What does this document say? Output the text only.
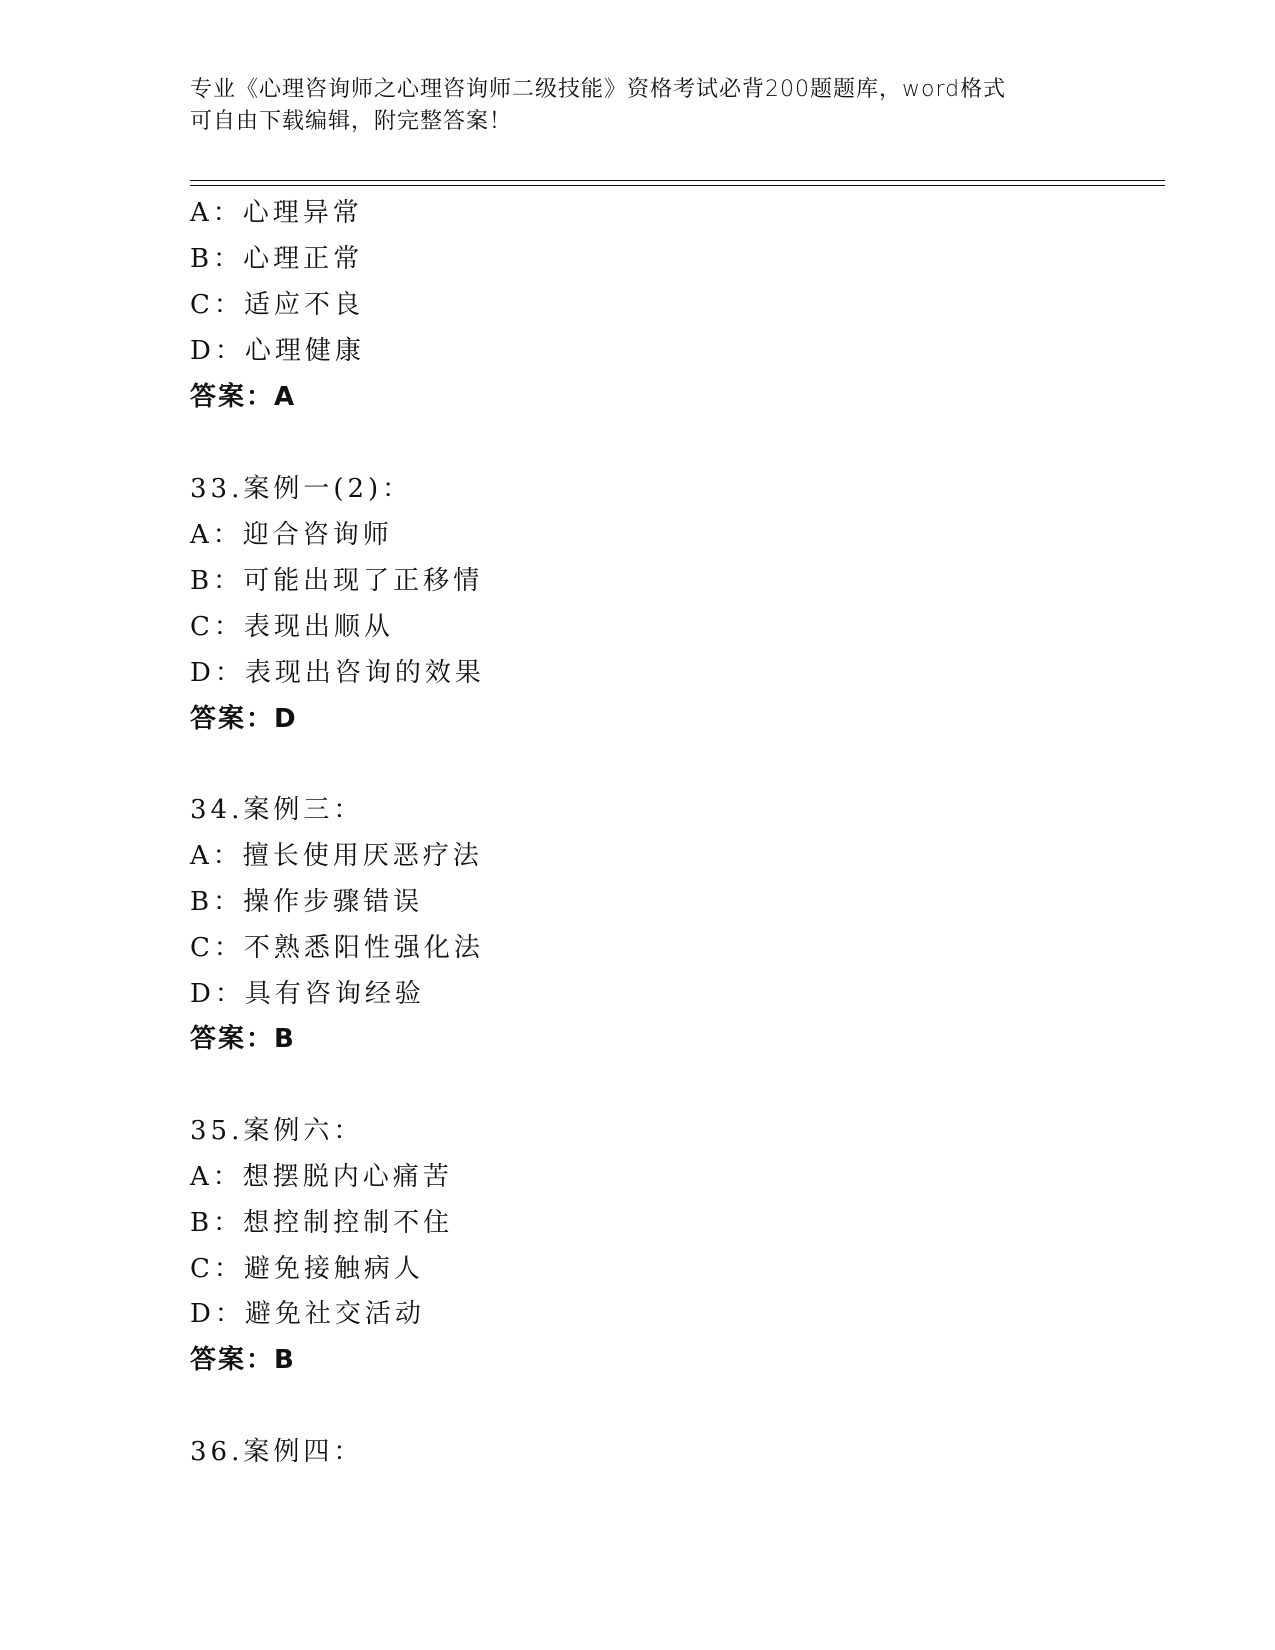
专业《心理咨询师之心理咨询师二级技能》资格考试必背200题题库，word格式
可自由下载编辑，附完整答案！
A：心理异常
B：心理正常
C：适应不良
D：心理健康
答案：A
33.案例一(2)：
A：迎合咨询师
B：可能出现了正移情
C：表现出顺从
D：表现出咨询的效果
答案：D
34.案例三：
A：擅长使用厌恶疗法
B：操作步骤错误
C：不熟悉阳性强化法
D：具有咨询经验
答案：B
35.案例六：
A：想摆脱内心痛苦
B：想控制控制不住
C：避免接触病人
D：避免社交活动
答案：B
36.案例四：
